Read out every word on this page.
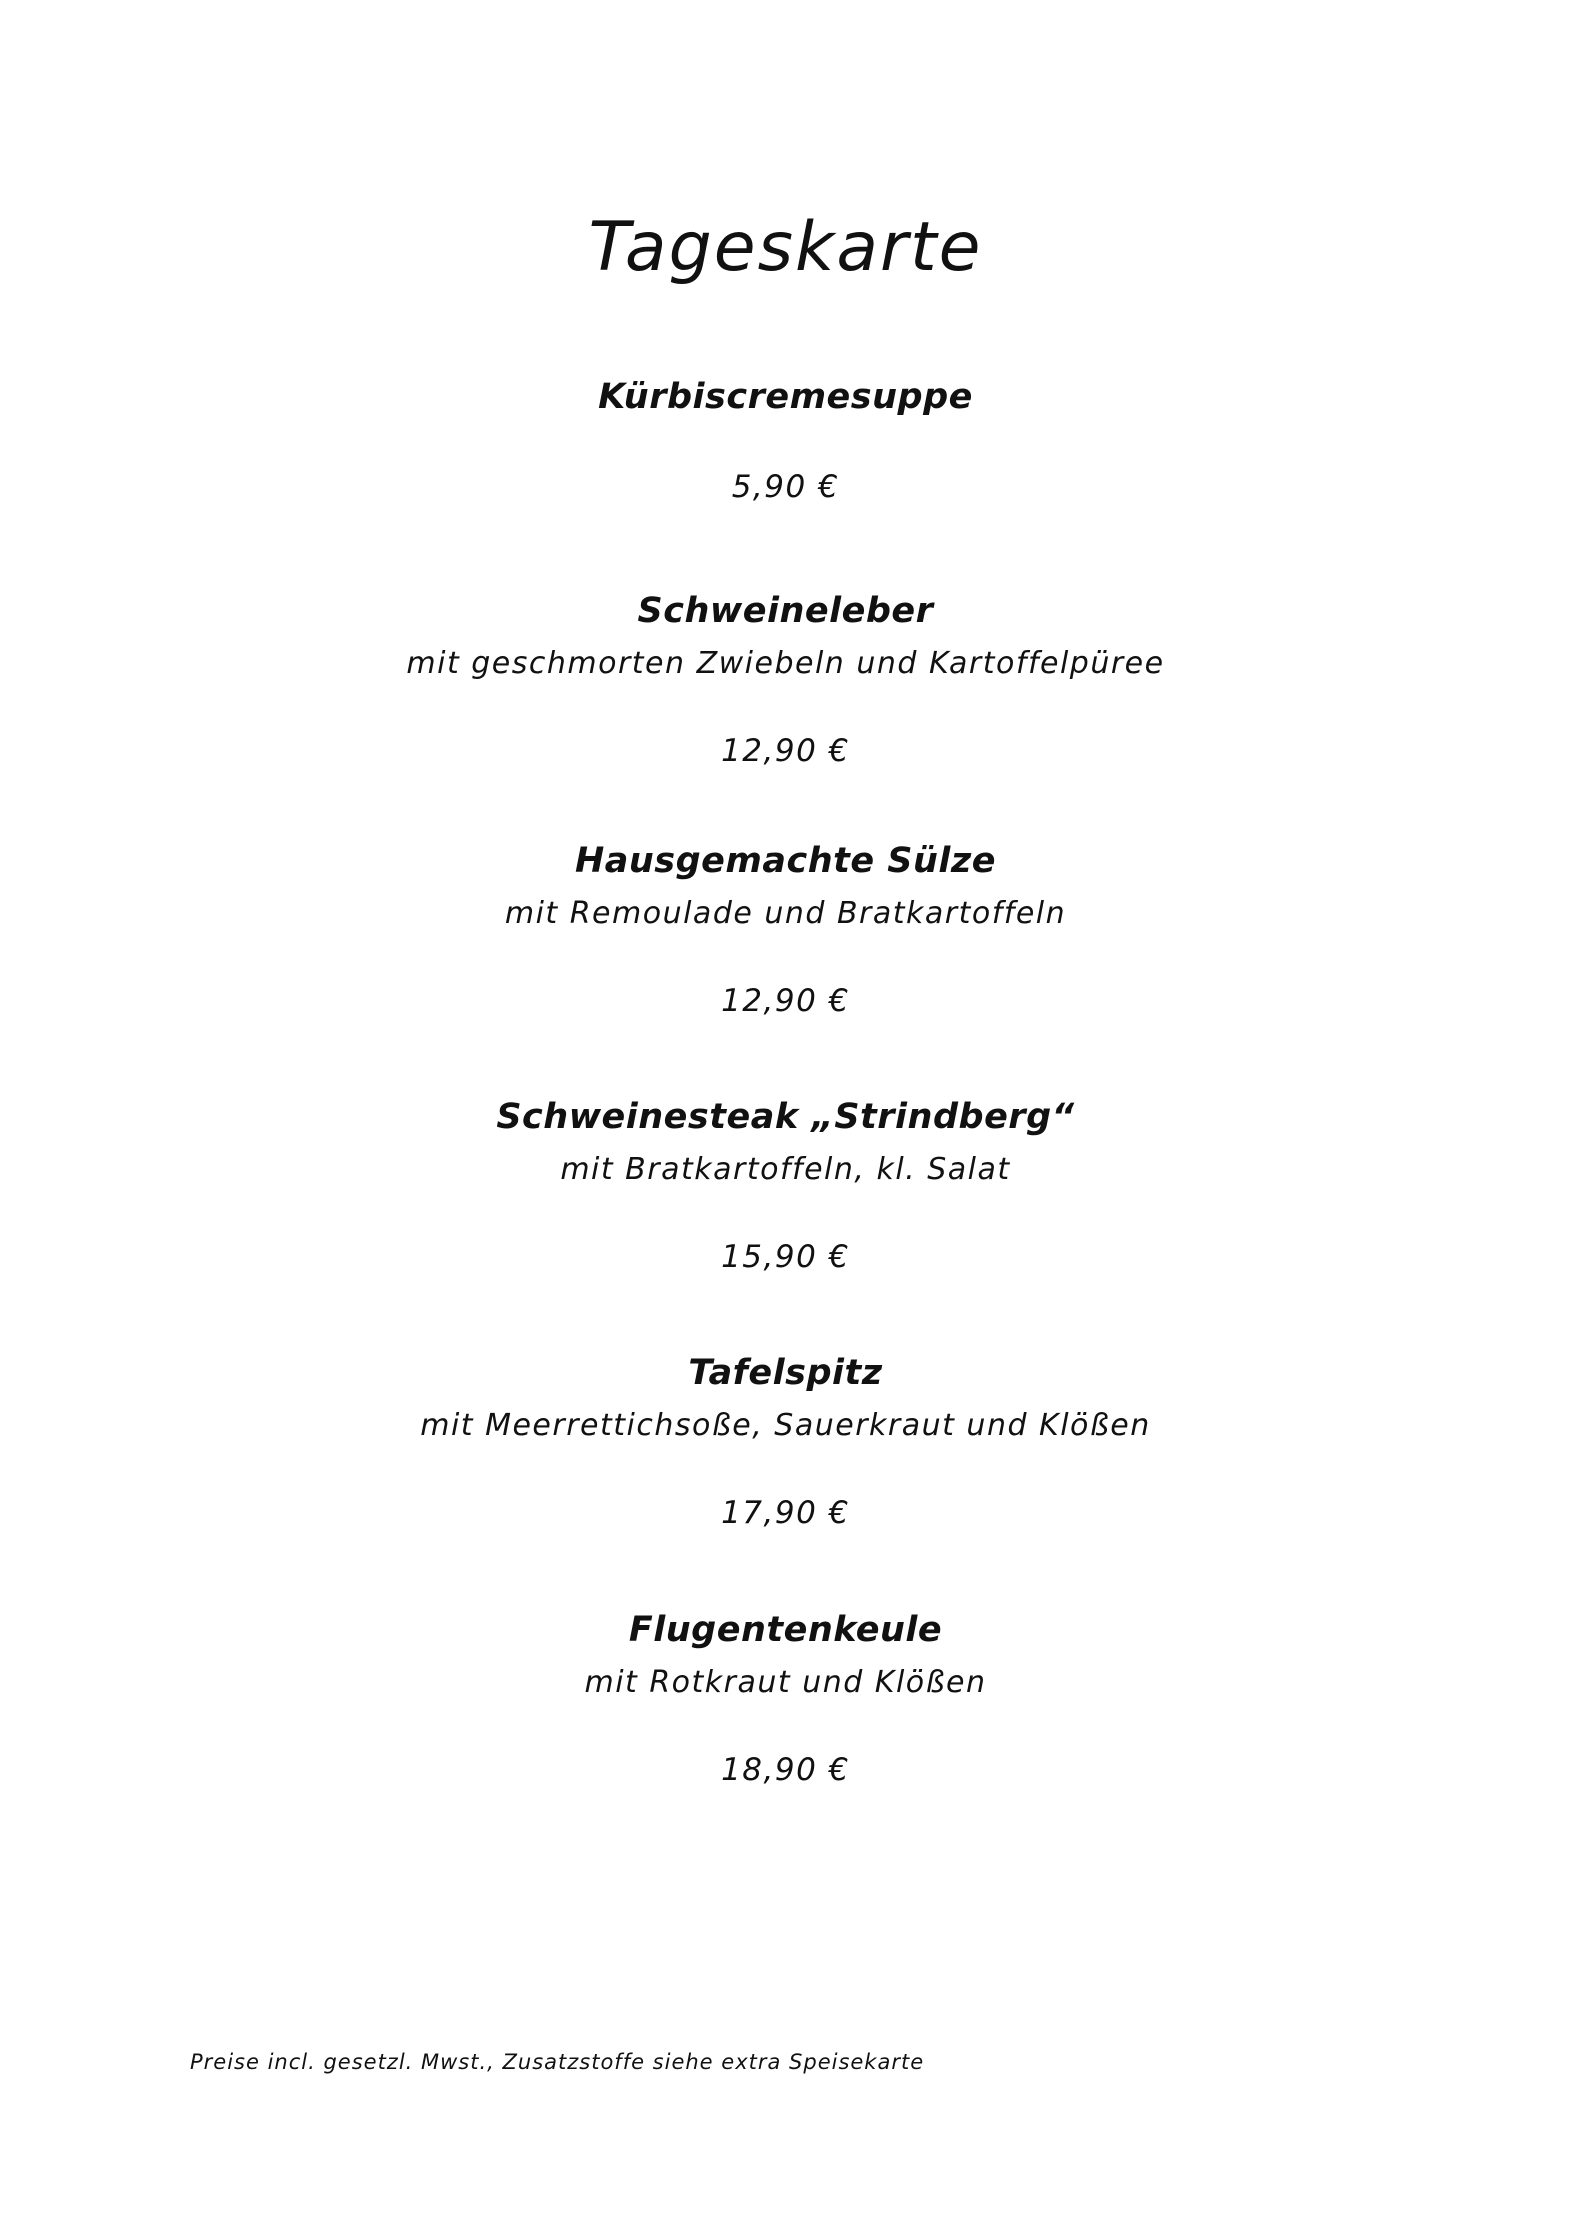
Tageskarte
Kürbiscremesuppe
5,90 €
Schweineleber
mit geschmorten Zwiebeln und Kartoffelpüree
12,90 €
Hausgemachte Sülze
mit Remoulade und Bratkartoffeln
12,90 €
Schweinesteak „Strindberg“
mit Bratkartoffeln, kl. Salat
15,90 €
Tafelspitz
mit Meerrettichsoße, Sauerkraut und Klößen
17,90 €
Flugentenkeule
mit Rotkraut und Klößen
18,90 €
Preise incl. gesetzl. Mwst., Zusatzstoffe siehe extra Speisekarte
